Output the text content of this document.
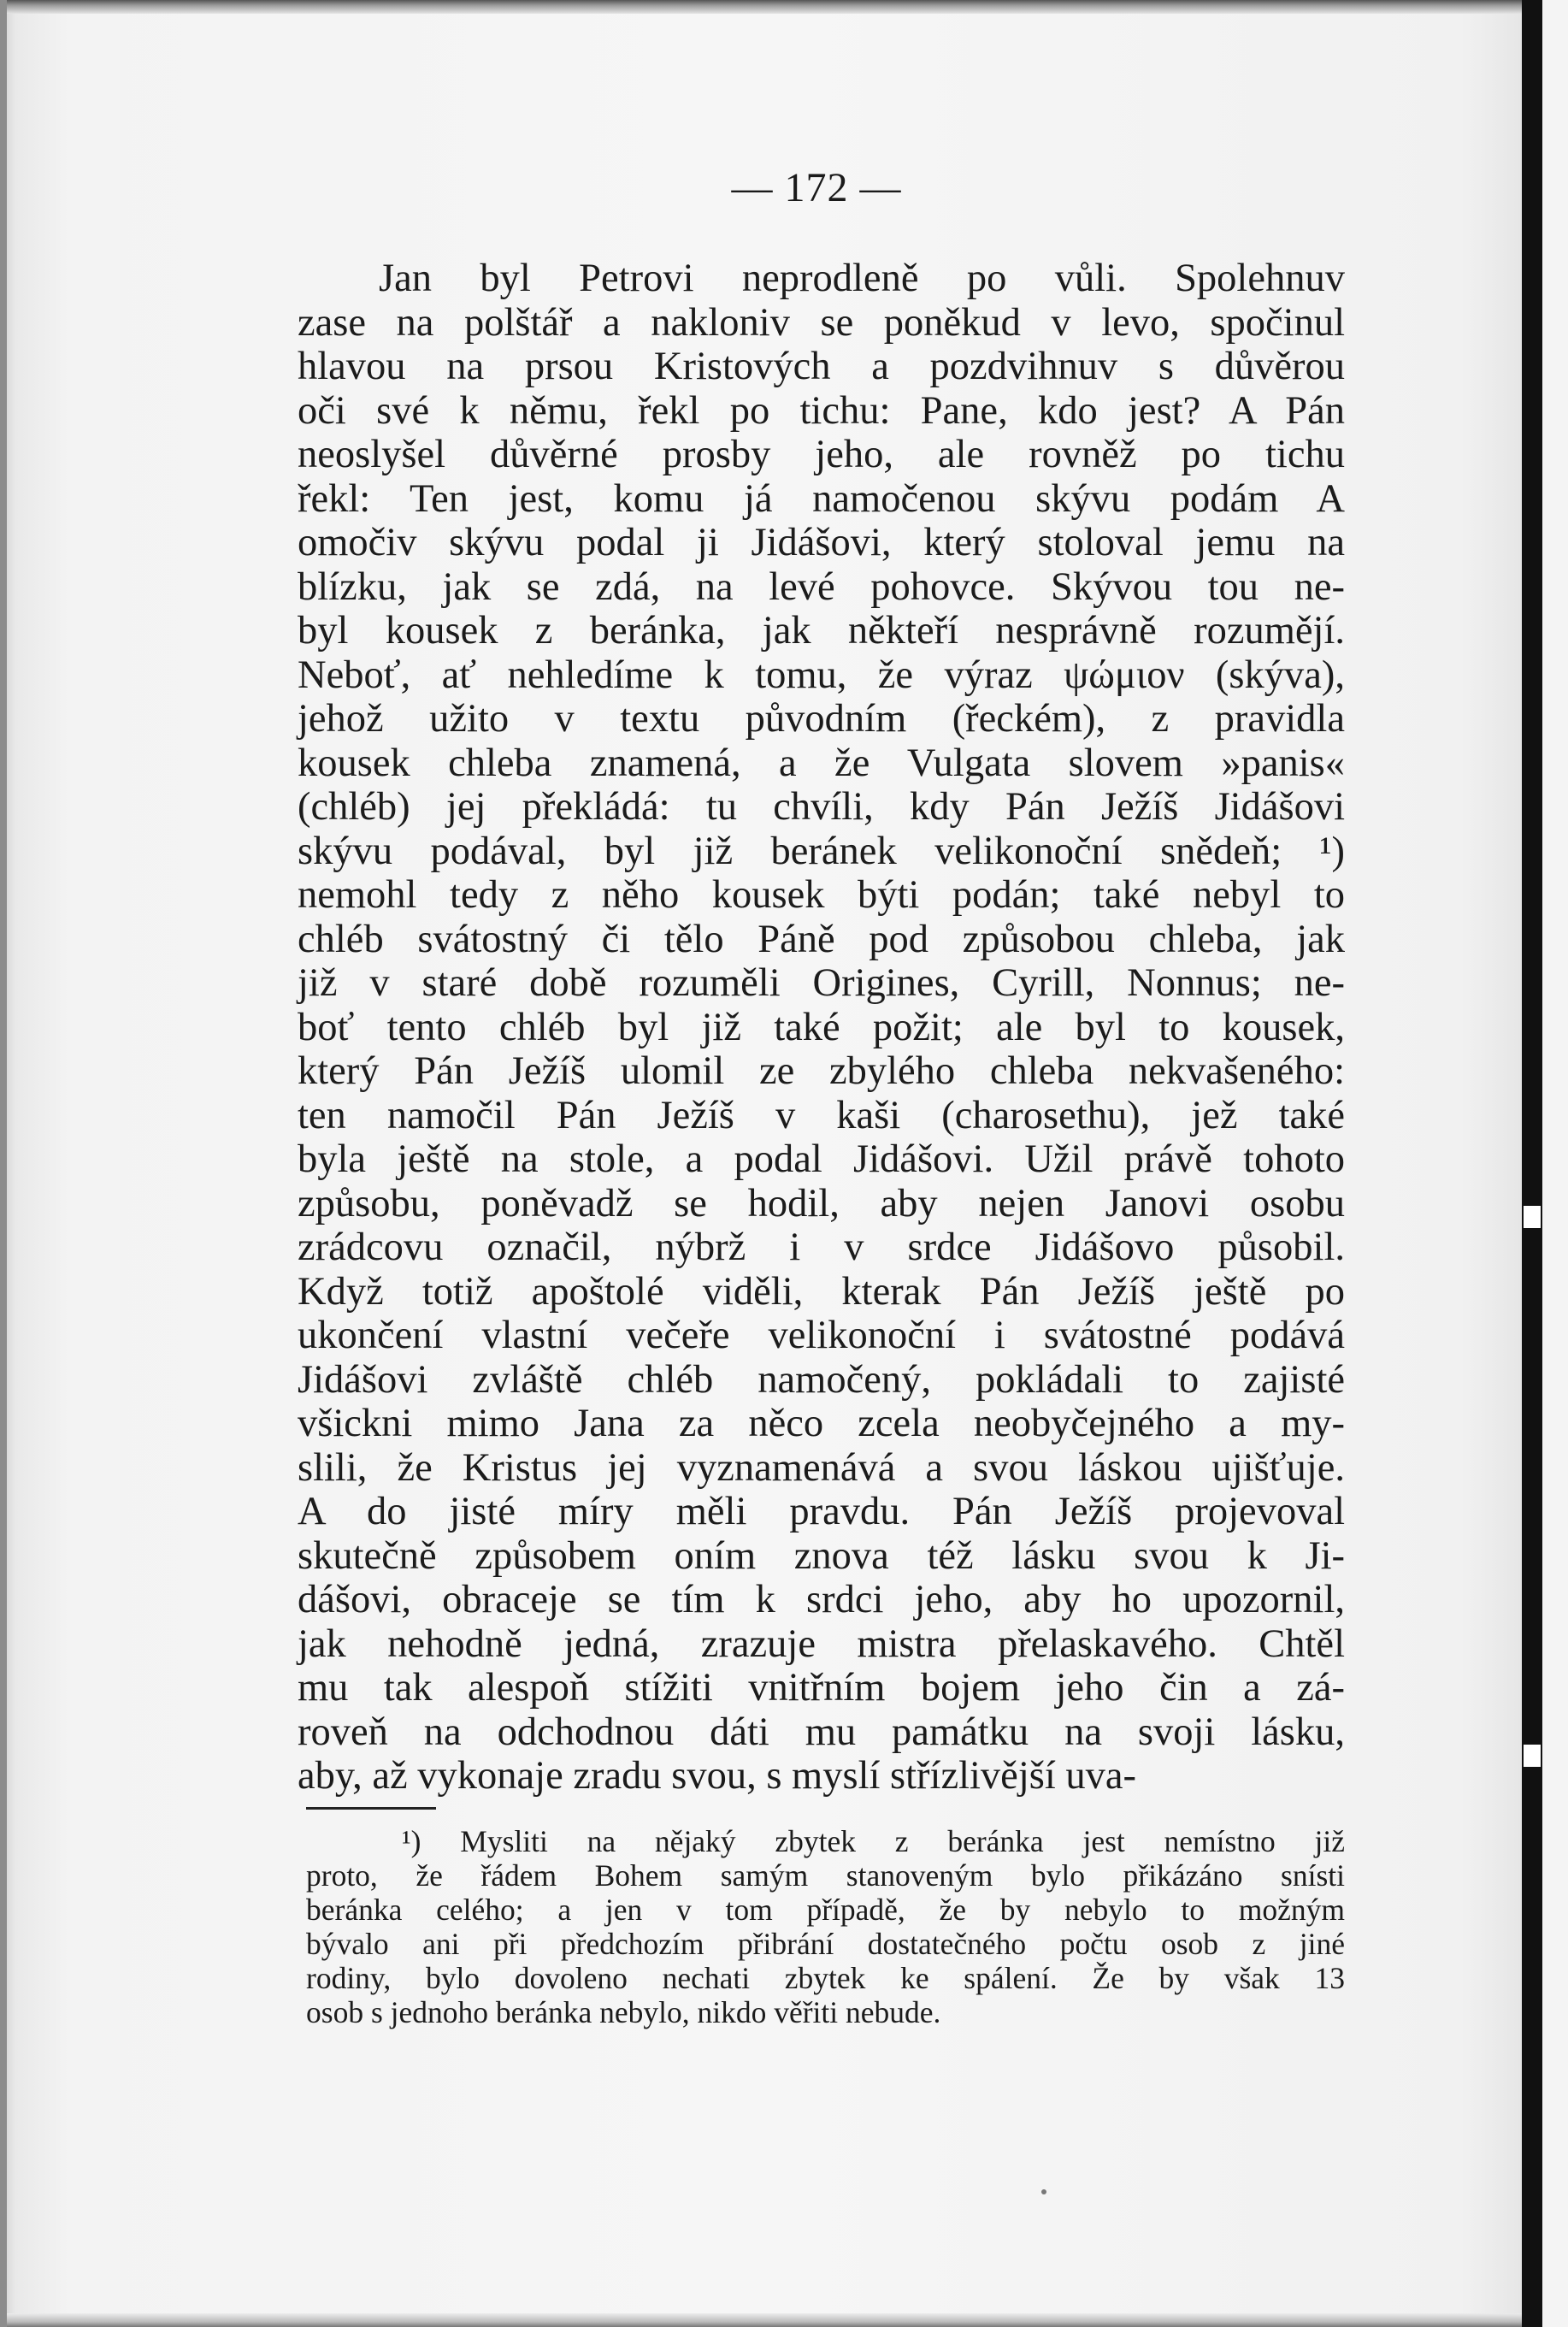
— 172 —
Jan byl Petrovi neprodleně po vůli. Spolehnuv
zase na polštář a nakloniv se poněkud v levo, spočinul
hlavou na prsou Kristových a pozdvihnuv s důvěrou
oči své k němu, řekl po tichu: Pane, kdo jest? A Pán
neoslyšel důvěrné prosby jeho, ale rovněž po tichu
řekl: Ten jest, komu já namočenou skývu podám A
omočiv skývu podal ji Jidášovi, který stoloval jemu na
blízku, jak se zdá, na levé pohovce. Skývou tou ne-
byl kousek z beránka, jak někteří nesprávně rozumějí.
Neboť, ať nehledíme k tomu, že výraz ψώμιον (skýva),
jehož užito v textu původním (řeckém), z pravidla
kousek chleba znamená, a že Vulgata slovem »panis«
(chléb) jej překládá: tu chvíli, kdy Pán Ježíš Jidášovi
skývu podával, byl již beránek velikonoční snědeň; ¹)
nemohl tedy z něho kousek býti podán; také nebyl to
chléb svátostný či tělo Páně pod způsobou chleba, jak
již v staré době rozuměli Origines, Cyrill, Nonnus; ne-
boť tento chléb byl již také požit; ale byl to kousek,
který Pán Ježíš ulomil ze zbylého chleba nekvašeného:
ten namočil Pán Ježíš v kaši (charosethu), jež také
byla ještě na stole, a podal Jidášovi. Užil právě tohoto
způsobu, poněvadž se hodil, aby nejen Janovi osobu
zrádcovu označil, nýbrž i v srdce Jidášovo působil.
Když totiž apoštolé viděli, kterak Pán Ježíš ještě po
ukončení vlastní večeře velikonoční i svátostné podává
Jidášovi zvláště chléb namočený, pokládali to zajisté
všickni mimo Jana za něco zcela neobyčejného a my-
slili, že Kristus jej vyznamenává a svou láskou ujišťuje.
A do jisté míry měli pravdu. Pán Ježíš projevoval
skutečně způsobem oním znova též lásku svou k Ji-
dášovi, obraceje se tím k srdci jeho, aby ho upozornil,
jak nehodně jedná, zrazuje mistra přelaskavého. Chtěl
mu tak alespoň stížiti vnitřním bojem jeho čin a zá-
roveň na odchodnou dáti mu památku na svoji lásku,
aby, až vykonaje zradu svou, s myslí střízlivější uva-
¹) Mysliti na nějaký zbytek z beránka jest nemístno již
proto, že řádem Bohem samým stanoveným bylo přikázáno snísti
beránka celého; a jen v tom případě, že by nebylo to možným
bývalo ani při předchozím přibrání dostatečného počtu osob z jiné
rodiny, bylo dovoleno nechati zbytek ke spálení. Že by však 13
osob s jednoho beránka nebylo, nikdo věřiti nebude.
